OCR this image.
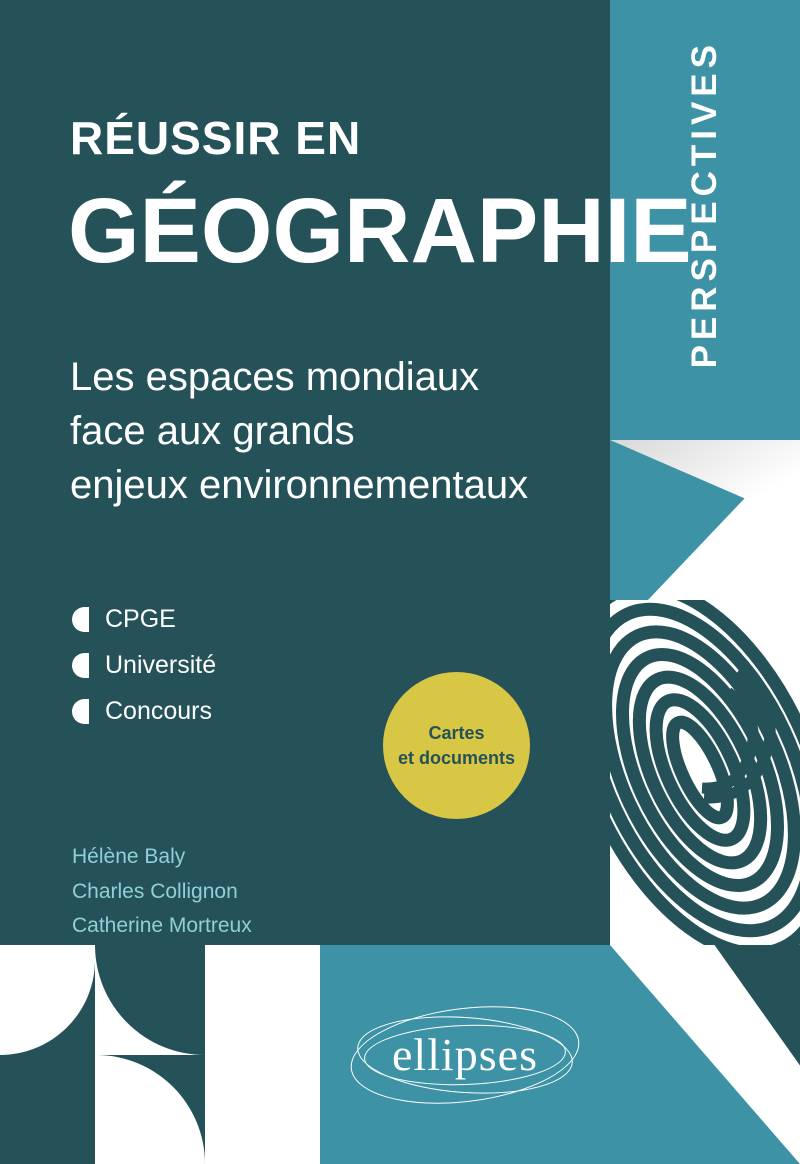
PERSPECTIVES
RÉUSSIR EN
GÉOGRAPHIE
Les espaces mondiaux
face aux grands
enjeux environnementaux
CPGE
Université
Concours
Cartes
et documents
Hélène Baly
Charles Collignon
Catherine Mortreux
ellipses
